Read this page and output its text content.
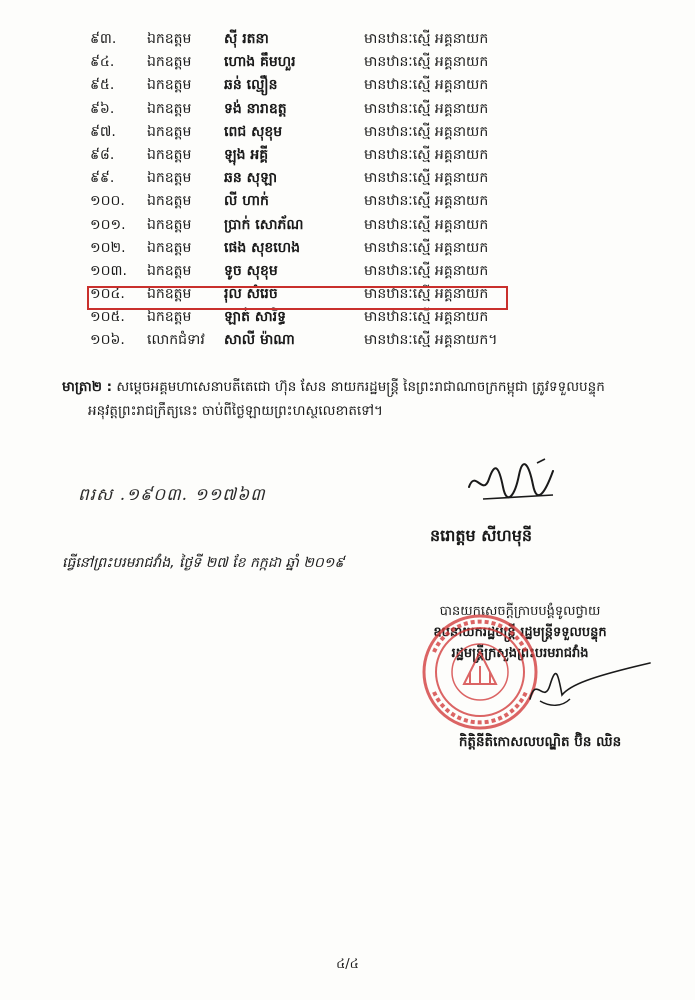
៩៣.	ឯកឧត្តម ស៊ី រតនា	មានឋានៈស្មើ អគ្គនាយក
៩៤.	ឯកឧត្តម ហោង គឹមហួរ	មានឋានៈស្មើ អគ្គនាយក
៩៥.	ឯកឧត្តម ឆន់ ល្មឿន	មានឋានៈស្មើ អគ្គនាយក
៩៦.	ឯកឧត្តម ទង់ នារាឧត្ដ	មានឋានៈស្មើ អគ្គនាយក
៩៧.	ឯកឧត្តម ពេជ សុខុម	មានឋានៈស្មើ អគ្គនាយក
៩៨.	ឯកឧត្តម ឡុង អគ្គី	មានឋានៈស្មើ អគ្គនាយក
៩៩.	ឯកឧត្តម ឆន សុឡា	មានឋានៈស្មើ អគ្គនាយក
១០០.	ឯកឧត្តម លី ហាក់	មានឋានៈស្មើ អគ្គនាយក
១០១.	ឯកឧត្តម ប្រាក់ សោភ័ណ	មានឋានៈស្មើ អគ្គនាយក
១០២.	ឯកឧត្តម ផេង សុខហេង	មានឋានៈស្មើ អគ្គនាយក
១០៣.	ឯកឧត្តម ទូច សុខុម	មានឋានៈស្មើ អគ្គនាយក
១០៤.	ឯកឧត្តម រុល សំរេច	មានឋានៈស្មើ អគ្គនាយក
១០៥.	ឯកឧត្តម ឡាត់ សារិទ្ធ	មានឋានៈស្មើ អគ្គនាយក
១០៦.	លោកជំទាវ សាលី ម៉ាណា	មានឋានៈស្មើ អគ្គនាយក។
មាត្រា២ : សម្តេចអគ្គមហាសេនាបតីតេជោ ហ៊ុន សែន នាយករដ្ឋមន្ត្រី នៃព្រះរាជាណាចក្រកម្ពុជា ត្រូវទទួលបន្ទុក
អនុវត្តព្រះរាជក្រឹត្យនេះ ចាប់ពីថ្ងៃឡាយព្រះហស្ថលេខាតទៅ។
ពរស .១៩០៣. ១១៧៦៣
នរោត្តម សីហមុនី
ធ្វើនៅព្រះបរមរាជវាំង, ថ្ងៃទី ២៧ ខែ កក្កដា ឆ្នាំ ២០១៩
បានយកសេចក្តីក្រាបបង្គំទូលថ្វាយ
ឧបនាយករដ្ឋមន្ត្រី រដ្ឋមន្ត្រីទទួលបន្ទុក
រដ្ឋមន្ត្រីក្រសួងព្រះបរមរាជវាំង
កិត្តិនីតិកោសលបណ្ឌិត ប៊ិន ឈិន
៤/៤
